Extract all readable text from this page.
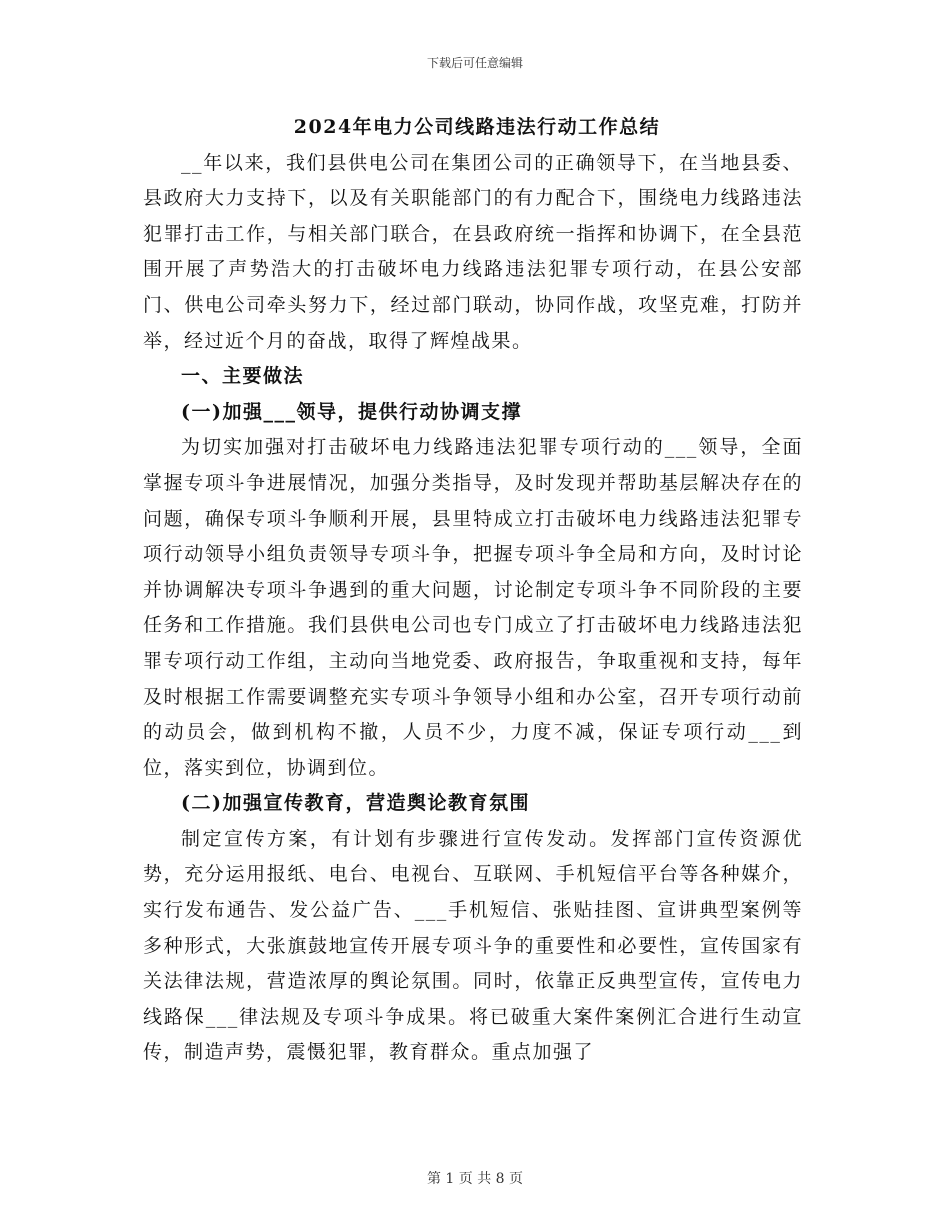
下载后可任意编辑

2024年电力公司线路违法行动工作总结

__年以来，我们县供电公司在集团公司的正确领导下，在当地县委、县政府大力支持下，以及有关职能部门的有力配合下，围绕电力线路违法犯罪打击工作，与相关部门联合，在县政府统一指挥和协调下，在全县范围开展了声势浩大的打击破坏电力线路违法犯罪专项行动，在县公安部门、供电公司牵头努力下，经过部门联动，协同作战，攻坚克难，打防并举，经过近个月的奋战，取得了辉煌战果。

一、主要做法

(一)加强___领导，提供行动协调支撑

为切实加强对打击破坏电力线路违法犯罪专项行动的___领导，全面掌握专项斗争进展情况，加强分类指导，及时发现并帮助基层解决存在的问题，确保专项斗争顺利开展，县里特成立打击破坏电力线路违法犯罪专项行动领导小组负责领导专项斗争，把握专项斗争全局和方向，及时讨论并协调解决专项斗争遇到的重大问题，讨论制定专项斗争不同阶段的主要任务和工作措施。我们县供电公司也专门成立了打击破坏电力线路违法犯罪专项行动工作组，主动向当地党委、政府报告，争取重视和支持，每年及时根据工作需要调整充实专项斗争领导小组和办公室，召开专项行动前的动员会，做到机构不撤，人员不少，力度不减，保证专项行动___到位，落实到位，协调到位。

(二)加强宣传教育，营造舆论教育氛围

制定宣传方案，有计划有步骤进行宣传发动。发挥部门宣传资源优势，充分运用报纸、电台、电视台、互联网、手机短信平台等各种媒介，实行发布通告、发公益广告、___手机短信、张贴挂图、宣讲典型案例等多种形式，大张旗鼓地宣传开展专项斗争的重要性和必要性，宣传国家有关法律法规，营造浓厚的舆论氛围。同时，依靠正反典型宣传，宣传电力线路保___律法规及专项斗争成果。将已破重大案件案例汇合进行生动宣传，制造声势，震慑犯罪，教育群众。重点加强了

第 1 页 共 8 页
